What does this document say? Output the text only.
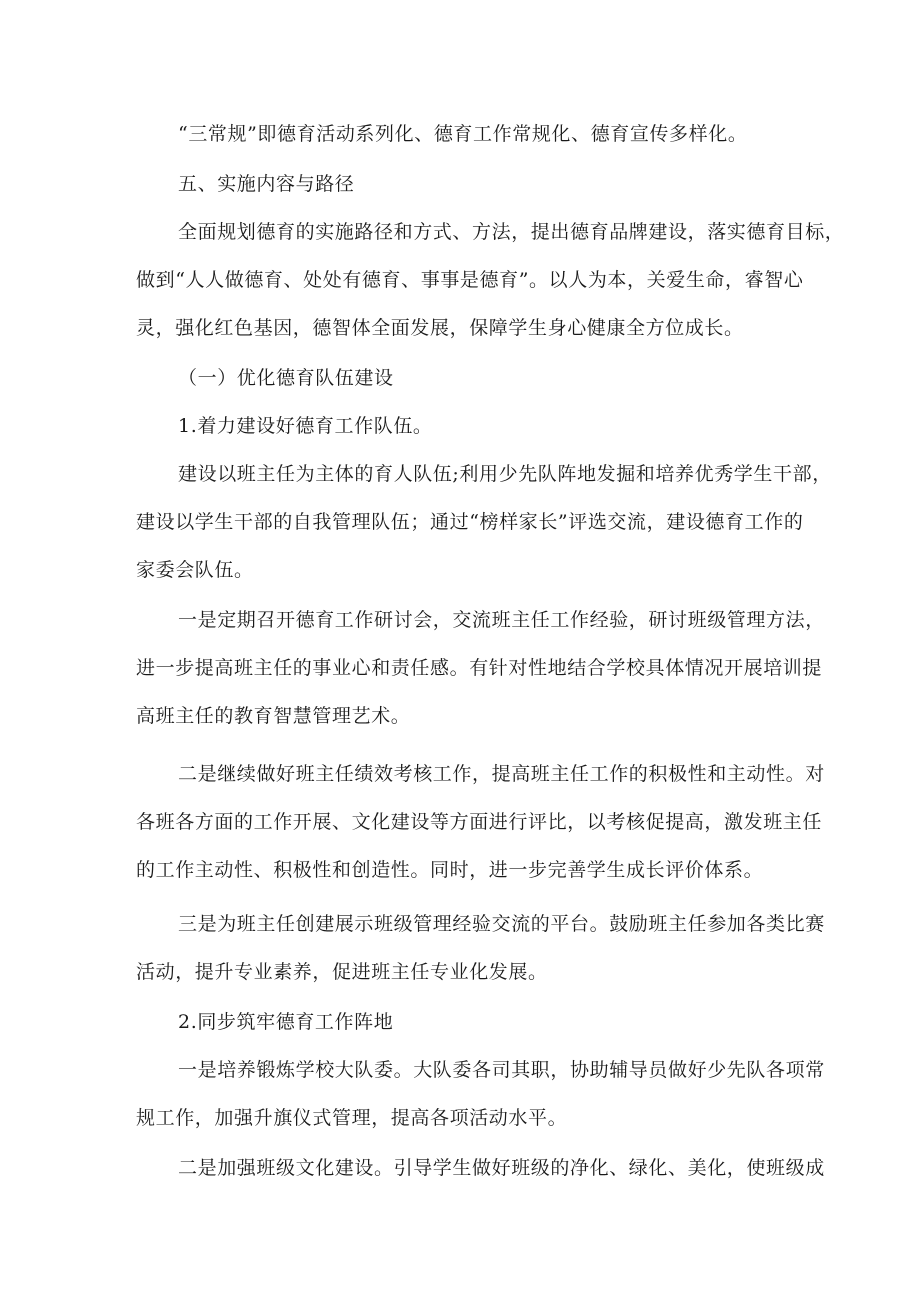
“三常规”即德育活动系列化、德育工作常规化、德育宣传多样化。
五、实施内容与路径
全面规划德育的实施路径和方式、方法，提出德育品牌建设，落实德育目标，
做到“人人做德育、处处有德育、事事是德育”。以人为本，关爱生命，睿智心
灵，强化红色基因，德智体全面发展，保障学生身心健康全方位成长。
（一）优化德育队伍建设
1.着力建设好德育工作队伍。
建设以班主任为主体的育人队伍;利用少先队阵地发掘和培养优秀学生干部，
建设以学生干部的自我管理队伍；通过“榜样家长”评选交流，建设德育工作的
家委会队伍。
一是定期召开德育工作研讨会，交流班主任工作经验，研讨班级管理方法，
进一步提高班主任的事业心和责任感。有针对性地结合学校具体情况开展培训提
高班主任的教育智慧管理艺术。
二是继续做好班主任绩效考核工作，提高班主任工作的积极性和主动性。对
各班各方面的工作开展、文化建设等方面进行评比，以考核促提高，激发班主任
的工作主动性、积极性和创造性。同时，进一步完善学生成长评价体系。
三是为班主任创建展示班级管理经验交流的平台。鼓励班主任参加各类比赛
活动，提升专业素养，促进班主任专业化发展。
2.同步筑牢德育工作阵地
一是培养锻炼学校大队委。大队委各司其职，协助辅导员做好少先队各项常
规工作，加强升旗仪式管理，提高各项活动水平。
二是加强班级文化建设。引导学生做好班级的净化、绿化、美化，使班级成
